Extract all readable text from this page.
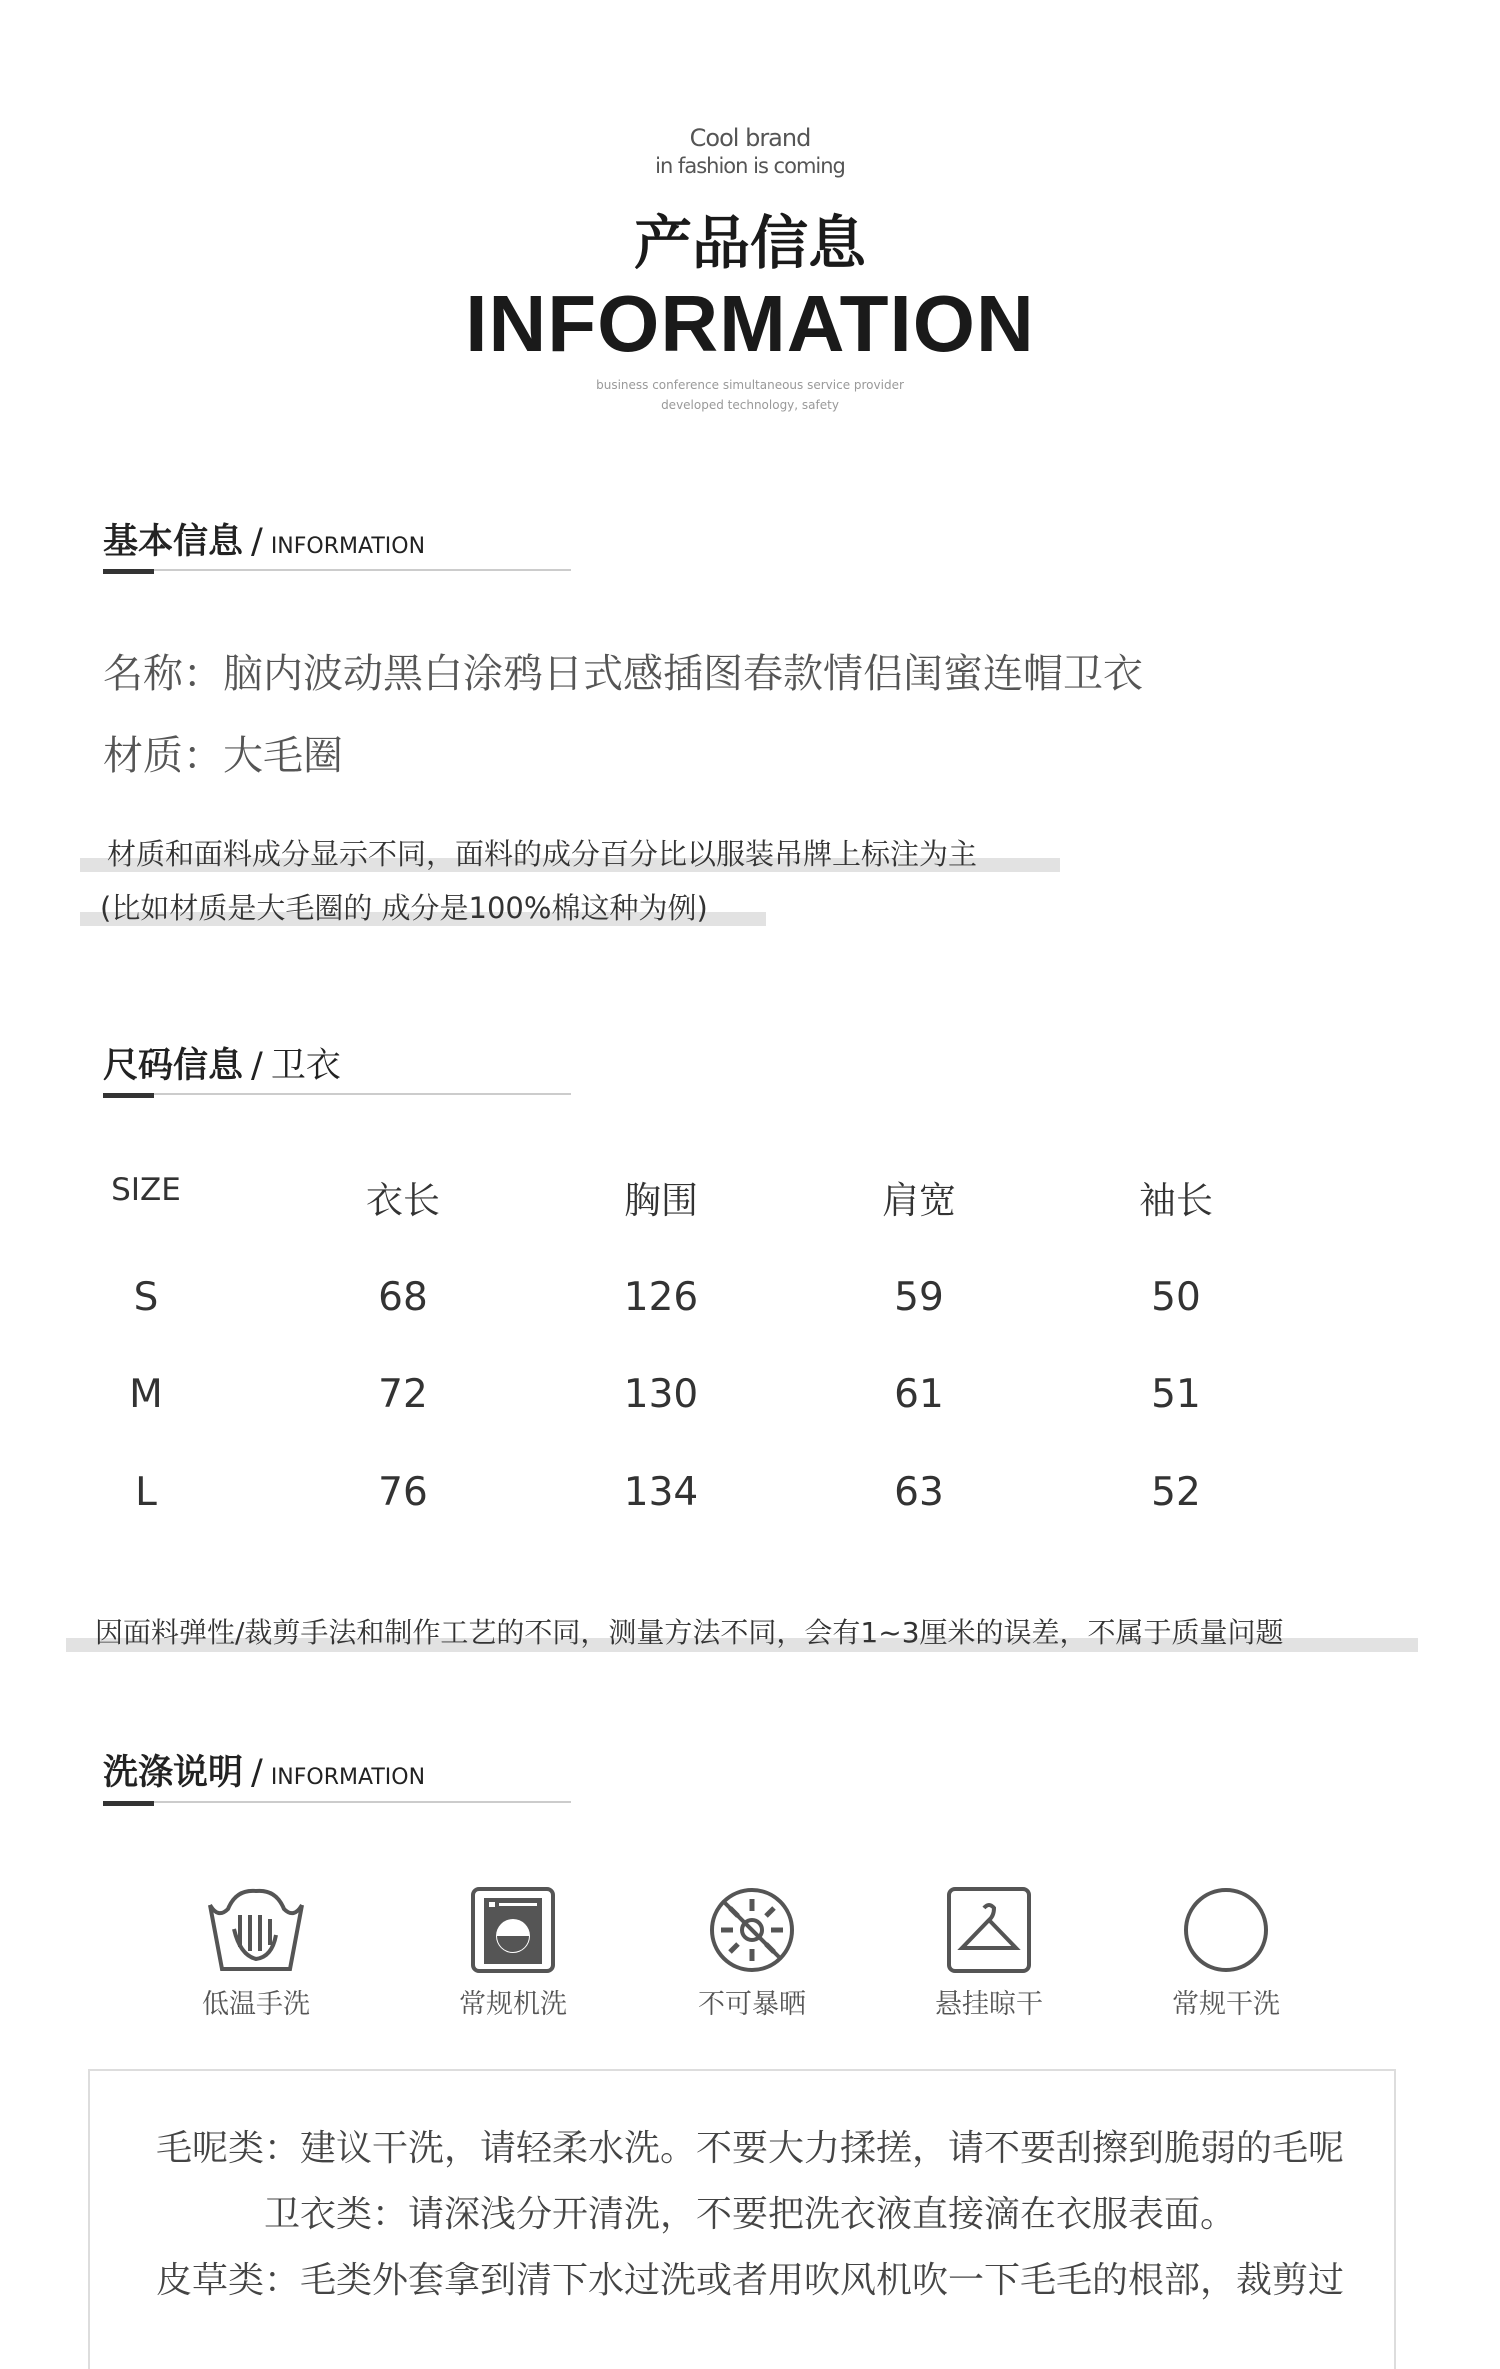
Cool brand
in fashion is coming
产品信息
INFORMATION
business conference simultaneous service provider
developed technology, safety
基本信息 / INFORMATION
名称：脑内波动黑白涂鸦日式感插图春款情侣闺蜜连帽卫衣
材质：大毛圈
材质和面料成分显示不同，面料的成分百分比以服装吊牌上标注为主
(比如材质是大毛圈的 成分是100%棉这种为例)
尺码信息 / 卫衣
SIZE	衣长	胸围	肩宽	袖长
S	68	126	59	50
M	72	130	61	51
L	76	134	63	52
因面料弹性/裁剪手法和制作工艺的不同，测量方法不同，会有1~3厘米的误差，不属于质量问题
洗涤说明 / INFORMATION
低温手洗	常规机洗	不可暴晒	悬挂晾干	常规干洗
毛呢类：建议干洗，请轻柔水洗。不要大力揉搓，请不要刮擦到脆弱的毛呢
卫衣类：请深浅分开清洗，不要把洗衣液直接滴在衣服表面。
皮草类：毛类外套拿到清下水过洗或者用吹风机吹一下毛毛的根部，裁剪过
